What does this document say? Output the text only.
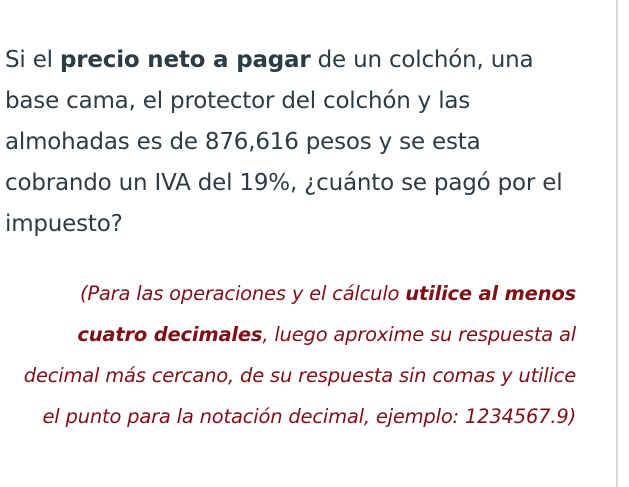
Si el precio neto a pagar de un colchón, una base cama, el protector del colchón y las almohadas es de 876,616 pesos y se esta cobrando un IVA del 19%, ¿cuánto se pagó por el impuesto?
(Para las operaciones y el cálculo utilice al menos cuatro decimales, luego aproxime su respuesta al decimal más cercano, de su respuesta sin comas y utilice el punto para la notación decimal, ejemplo: 1234567.9)
